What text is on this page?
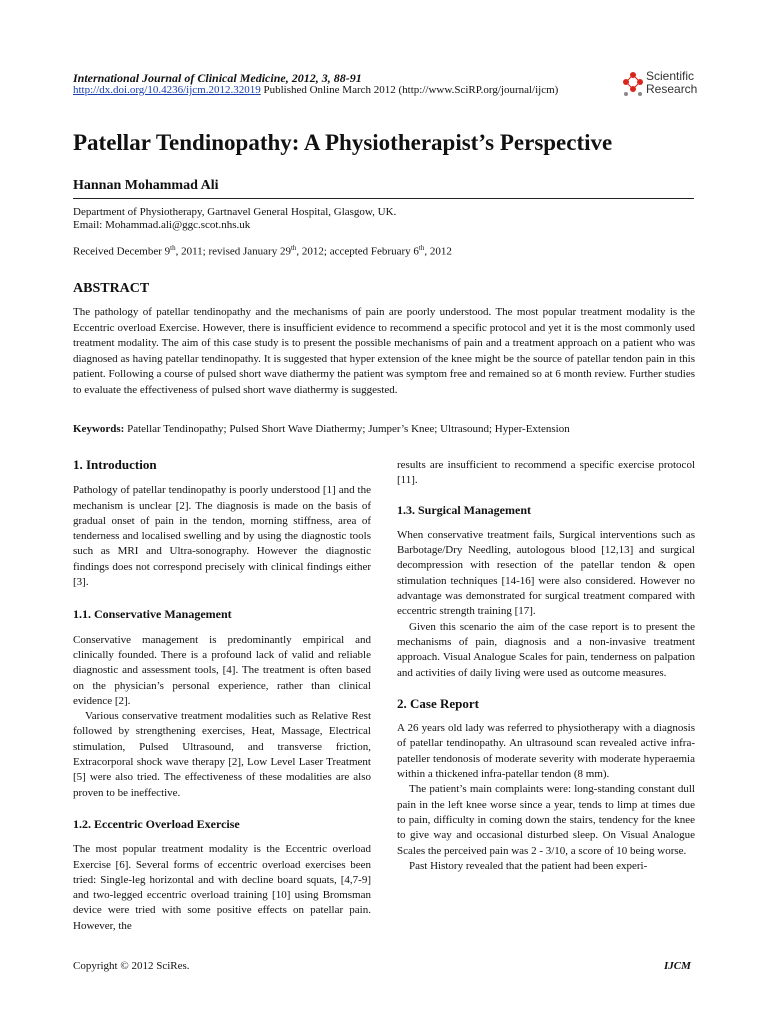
International Journal of Clinical Medicine, 2012, 3, 88-91
http://dx.doi.org/10.4236/ijcm.2012.32019 Published Online March 2012 (http://www.SciRP.org/journal/ijcm)
Scientific
Research
Patellar Tendinopathy: A Physiotherapist’s Perspective
Hannan Mohammad Ali
Department of Physiotherapy, Gartnavel General Hospital, Glasgow, UK.
Email: Mohammad.ali@ggc.scot.nhs.uk
Received December 9th, 2011; revised January 29th, 2012; accepted February 6th, 2012
ABSTRACT
The pathology of patellar tendinopathy and the mechanisms of pain are poorly understood. The most popular treatment modality is the Eccentric overload Exercise. However, there is insufficient evidence to recommend a specific protocol and yet it is the most commonly used treatment modality. The aim of this case study is to present the possible mechanisms of pain and a treatment approach on a patient who was diagnosed as having patellar tendinopathy. It is suggested that hyper extension of the knee might be the source of patellar tendon pain in this patient. Following a course of pulsed short wave diathermy the patient was symptom free and remained so at 6 month review. Further studies to evaluate the effectiveness of pulsed short wave diathermy is suggested.
Keywords: Patellar Tendinopathy; Pulsed Short Wave Diathermy; Jumper’s Knee; Ultrasound; Hyper-Extension

1. Introduction

Pathology of patellar tendinopathy is poorly understood [1] and the mechanism is unclear [2]. The diagnosis is made on the basis of gradual onset of pain in the tendon, morning stiffness, area of tenderness and localised swelling and by using the diagnostic tools such as MRI and Ultra-sonography. However the diagnostic findings does not correspond precisely with clinical findings either [3].

1.1. Conservative Management

Conservative management is predominantly empirical and clinically founded. There is a profound lack of valid and reliable diagnostic and assessment tools, [4]. The treatment is often based on the physician’s personal experience, rather than clinical evidence [2].

Various conservative treatment modalities such as Relative Rest followed by strengthening exercises, Heat, Massage, Electrical stimulation, Pulsed Ultrasound, and transverse friction, Extracorporal shock wave therapy [2], Low Level Laser Treatment [5] were also tried. The effectiveness of these modalities are also proven to be ineffective.

1.2. Eccentric Overload Exercise

The most popular treatment modality is the Eccentric overload Exercise [6]. Several forms of eccentric overload exercises been tried: Single-leg horizontal and with decline board squats, [4,7-9] and two-legged eccentric overload training [10] using Bromsman device were tried with some positive effects on patellar pain. However, the

results are insufficient to recommend a specific exercise protocol [11].

1.3. Surgical Management

When conservative treatment fails, Surgical interventions such as Barbotage/Dry Needling, autologous blood [12,13] and surgical decompression with resection of the patellar tendon & open stimulation techniques [14-16] were also considered. However no advantage was demonstrated for surgical treatment compared with eccentric strength training [17].

Given this scenario the aim of the case report is to present the mechanisms of pain, diagnosis and a non-invasive treatment approach. Visual Analogue Scales for pain, tenderness on palpation and activities of daily living were used as outcome measures.

2. Case Report

A 26 years old lady was referred to physiotherapy with a diagnosis of patellar tendinopathy. An ultrasound scan revealed active infra-pateller tendonosis of moderate severity with moderate hyperaemia within a thickened infra-patellar tendon (8 mm).

The patient’s main complaints were: long-standing constant dull pain in the left knee worse since a year, tends to limp at times due to pain, difficulty in coming down the stairs, tendency for the knee to give way and occasional disturbed sleep. On Visual Analogue Scales the perceived pain was 2 - 3/10, a score of 10 being worse.

Past History revealed that the patient had been experi-

Copyright © 2012 SciRes.	IJCM
